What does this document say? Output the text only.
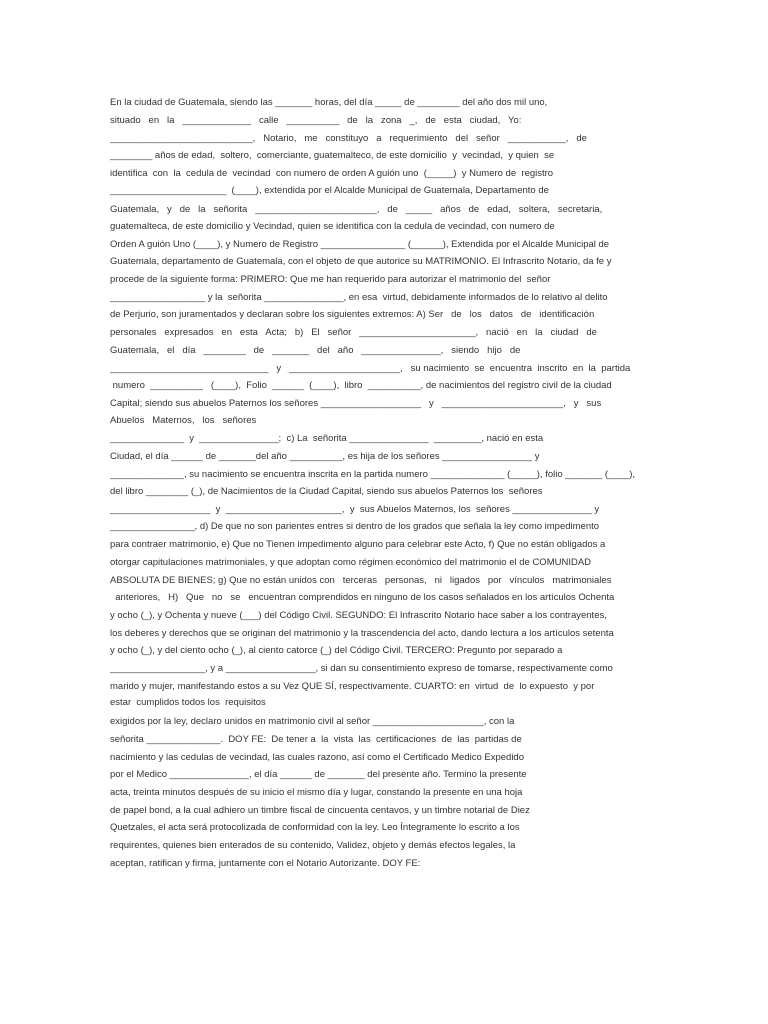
En la ciudad de Guatemala, siendo las _______ horas, del día _____ de ________ del año dos mil uno,
situado   en   la   _____________   calle   __________   de   la   zona   _,   de   esta   ciudad,   Yo:
___________________________,   Notario,   me   constituyo   a   requerimiento   del   señor   ___________,   de
________ años de edad,  soltero,  comerciante, guatemalteco, de este domicilio  y  vecindad,  y quien  se
identifica  con  la  cedula de  vecindad  con numero de orden A guión uno  (_____)  y Numero de  registro
______________________  (____), extendida por el Alcalde Municipal de Guatemala, Departamento de
Guatemala,   y   de   la   señorita   _______________________,   de   _____   años   de   edad,   soltera,   secretaria,
guatemalteca, de este domicilio y Vecindad, quien se identifica con la cedula de vecindad, con numero de
Orden A guión Uno (____), y Numero de Registro ________________ (______), Extendida por el Alcalde Municipal de
Guatemala, departamento de Guatemala, con el objeto de que autorice su MATRIMONIO. El Infrascrito Notario, da fe y
procede de la siguiente forma: PRIMERO: Que me han requerido para autorizar el matrimonio del  señor
__________________ y la  señorita _______________, en esa  virtud, debidamente informados de lo relativo al delito
de Perjurio, son juramentados y declaran sobre los siguientes extremos: A) Ser   de   los   datos   de   identificación
personales   expresados   en   esta   Acta;   b)   El   señor   ______________________,   nació   en   la   ciudad   de
Guatemala,   el   día   ________   de   _______   del   año   _______________,   siendo   hijo   de
______________________________   y   _____________________,   su nacimiento  se  encuentra  inscrito  en  la  partida
numero  __________   (____),  Folio  ______  (____),  libro  __________, de nacimientos del registro civil de la ciudad
Capital; siendo sus abuelos Paternos los señores ___________________   y   _______________________,   y   sus
Abuelos   Maternos,   los   señores
______________  y  _______________;  c) La  señorita _______________  _________, nació en esta
Ciudad, el día ______ de _______del año __________, es hija de los señores _________________ y
______________, su nacimiento se encuentra inscrita en la partida numero ______________ (_____), folio _______ (____),
del libro ________ (_), de Nacimientos de la Ciudad Capital, siendo sus abuelos Paternos los  señores
___________________  y  ______________________,  y  sus Abuelos Maternos, los  señores _______________ y
________________, d) De que no son parientes entres si dentro de los grados que señala la ley como impedimento
para contraer matrimonio, e) Que no Tienen impedimento alguno para celebrar este Acto, f) Que no están obligados a
otorgar capitulaciones matrimoniales, y que adoptan como régimen económico del matrimonio el de COMUNIDAD
ABSOLUTA DE BIENES; g) Que no están unidos con   terceras   personas,   ni   ligados   por   vínculos   matrimoniales
anteriores,   H)   Que   no   se   encuentran comprendidos en ninguno de los casos señalados en los artículos Ochenta
y ocho (_), y Ochenta y nueve (___) del Código Civil. SEGUNDO: El Infrascrito Notario hace saber a los contrayentes,
los deberes y derechos que se originan del matrimonio y la trascendencia del acto, dando lectura a los artículos setenta
y ocho (_), y del ciento ocho (_), al ciento catorce (_) del Código Civil. TERCERO: Pregunto por separado a
__________________, y a _________________, si dan su consentimiento expreso de tomarse, respectivamente como
marido y mujer, manifestando estos a su Vez QUE SÍ, respectivamente. CUARTO: en  virtud  de  lo expuesto  y por
estar  cumplidos todos los  requisitos
exigidos por la ley, declaro unidos en matrimonio civil al señor _____________________, con la
señorita ______________.  DOY FE:  De tener a  la  vista  las  certificaciones  de  las  partidas de
nacimiento y las cedulas de vecindad, las cuales razono, así como el Certificado Medico Expedido
por el Medico _______________, el día ______ de _______ del presente año. Termino la presente
acta, treinta minutos después de su inicio el mismo día y lugar, constando la presente en una hoja
de papel bond, a la cual adhiero un timbre fiscal de cincuenta centavos, y un timbre notarial de Diez
Quetzales, el acta será protocolizada de conformidad con la ley. Leo Íntegramente lo escrito a los
requirentes, quienes bien enterados de su contenido, Validez, objeto y demás efectos legales, la
aceptan, ratifican y firma, juntamente con el Notario Autorizante. DOY FE:
